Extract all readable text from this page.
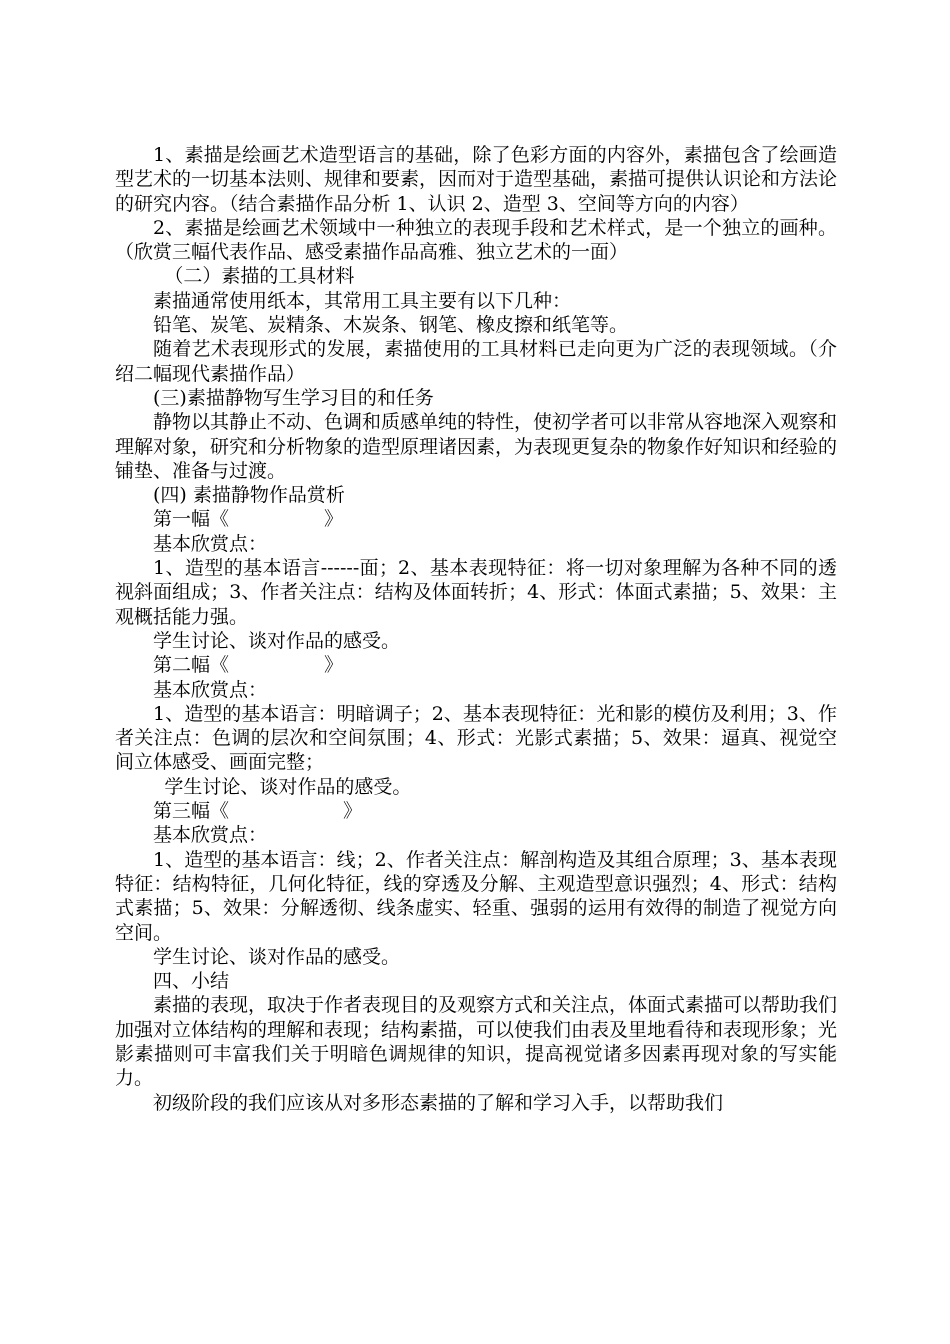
1、素描是绘画艺术造型语言的基础，除了色彩方面的内容外，素描包含了绘画造型艺术的一切基本法则、规律和要素，因而对于造型基础，素描可提供认识论和方法论的研究内容。（结合素描作品分析 1、认识 2、造型 3、空间等方向的内容）

2、素描是绘画艺术领域中一种独立的表现手段和艺术样式，是一个独立的画种。（欣赏三幅代表作品、感受素描作品高雅、独立艺术的一面）

（二）素描的工具材料

素描通常使用纸本，其常用工具主要有以下几种：

铅笔、炭笔、炭精条、木炭条、钢笔、橡皮擦和纸笔等。

随着艺术表现形式的发展，素描使用的工具材料已走向更为广泛的表现领域。（介绍二幅现代素描作品）

(三)素描静物写生学习目的和任务

静物以其静止不动、色调和质感单纯的特性，使初学者可以非常从容地深入观察和理解对象，研究和分析物象的造型原理诸因素，为表现更复杂的物象作好知识和经验的铺垫、准备与过渡。

(四) 素描静物作品赏析

第一幅《　　　　　》

基本欣赏点：

1、造型的基本语言------面；2、基本表现特征：将一切对象理解为各种不同的透视斜面组成；3、作者关注点：结构及体面转折；4、形式：体面式素描；5、效果：主观概括能力强。

学生讨论、谈对作品的感受。

第二幅《　　　　　》

基本欣赏点：

1、造型的基本语言：明暗调子；2、基本表现特征：光和影的模仿及利用；3、作者关注点：色调的层次和空间氛围；4、形式：光影式素描；5、效果：逼真、视觉空间立体感受、画面完整；

学生讨论、谈对作品的感受。

第三幅《　　　　　　》

基本欣赏点：

1、造型的基本语言：线；2、作者关注点：解剖构造及其组合原理；3、基本表现特征：结构特征，几何化特征，线的穿透及分解、主观造型意识强烈；4、形式：结构式素描；5、效果：分解透彻、线条虚实、轻重、强弱的运用有效得的制造了视觉方向空间。

学生讨论、谈对作品的感受。

四、小结

素描的表现，取决于作者表现目的及观察方式和关注点，体面式素描可以帮助我们加强对立体结构的理解和表现；结构素描，可以使我们由表及里地看待和表现形象；光影素描则可丰富我们关于明暗色调规律的知识，提高视觉诸多因素再现对象的写实能力。

初级阶段的我们应该从对多形态素描的了解和学习入手，以帮助我们
